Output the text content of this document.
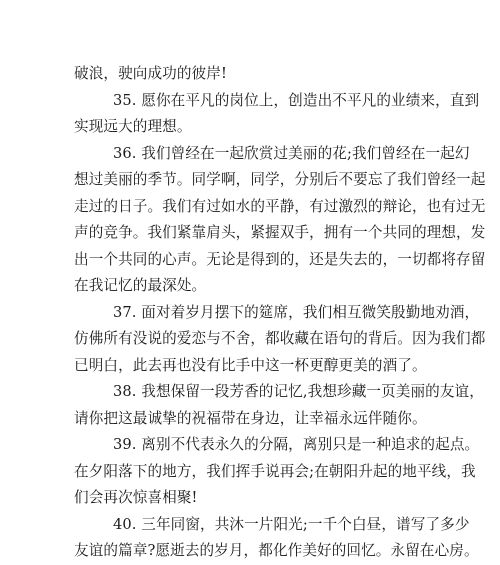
破浪，驶向成功的彼岸!
35. 愿你在平凡的岗位上，创造出不平凡的业绩来，直到
实现远大的理想。
36. 我们曾经在一起欣赏过美丽的花;我们曾经在一起幻
想过美丽的季节。同学啊，同学，分别后不要忘了我们曾经一起
走过的日子。我们有过如水的平静，有过激烈的辩论，也有过无
声的竞争。我们紧靠肩头，紧握双手，拥有一个共同的理想，发
出一个共同的心声。无论是得到的，还是失去的，一切都将存留
在我记忆的最深处。
37. 面对着岁月摆下的筵席，我们相互微笑殷勤地劝酒，
仿佛所有没说的爱恋与不舍，都收藏在语句的背后。因为我们都
已明白，此去再也没有比手中这一杯更醇更美的酒了。
38. 我想保留一段芳香的记忆,我想珍藏一页美丽的友谊，
请你把这最诚挚的祝福带在身边，让幸福永远伴随你。
39. 离别不代表永久的分隔，离别只是一种追求的起点。
在夕阳落下的地方，我们挥手说再会;在朝阳升起的地平线，我
们会再次惊喜相聚!
40. 三年同窗，共沐一片阳光;一千个白昼，谱写了多少
友谊的篇章?愿逝去的岁月，都化作美好的回忆。永留在心房。
